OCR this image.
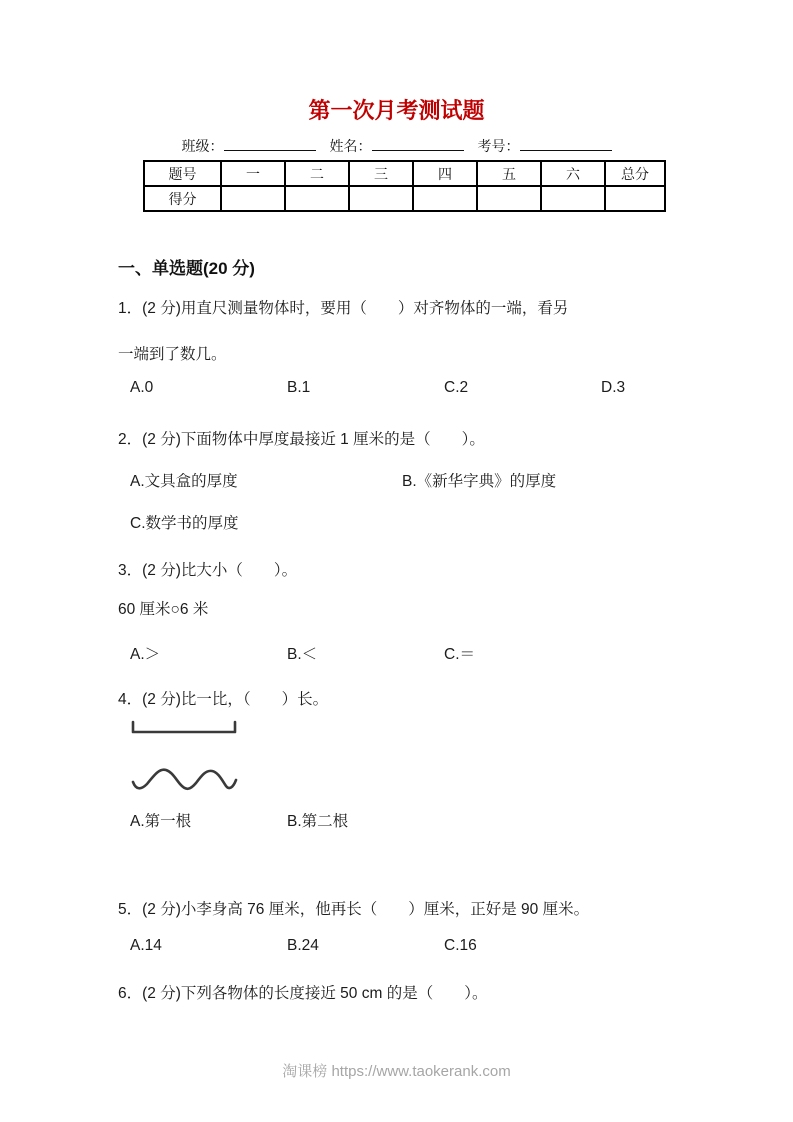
第一次月考测试题
班级：	姓名：	考号：
题号	一	二	三	四	五	六	总分
得分							
一、单选题(20 分)
1．(2 分)用直尺测量物体时，要用（　　）对齐物体的一端，看另
一端到了数几。
A.0	B.1	C.2	D.3
2．(2 分)下面物体中厚度最接近 1 厘米的是（　　）。
A.文具盒的厚度	B.《新华字典》的厚度
C.数学书的厚度
3．(2 分)比大小（　　）。
60 厘米○6 米
A.＞	B.＜	C.＝
4．(2 分)比一比，（　　）长。
A.第一根	B.第二根
5．(2 分)小李身高 76 厘米，他再长（　　）厘米，正好是 90 厘米。
A.14	B.24	C.16
6．(2 分)下列各物体的长度接近 50 cm 的是（　　）。
淘课榜 https://www.taokerank.com
